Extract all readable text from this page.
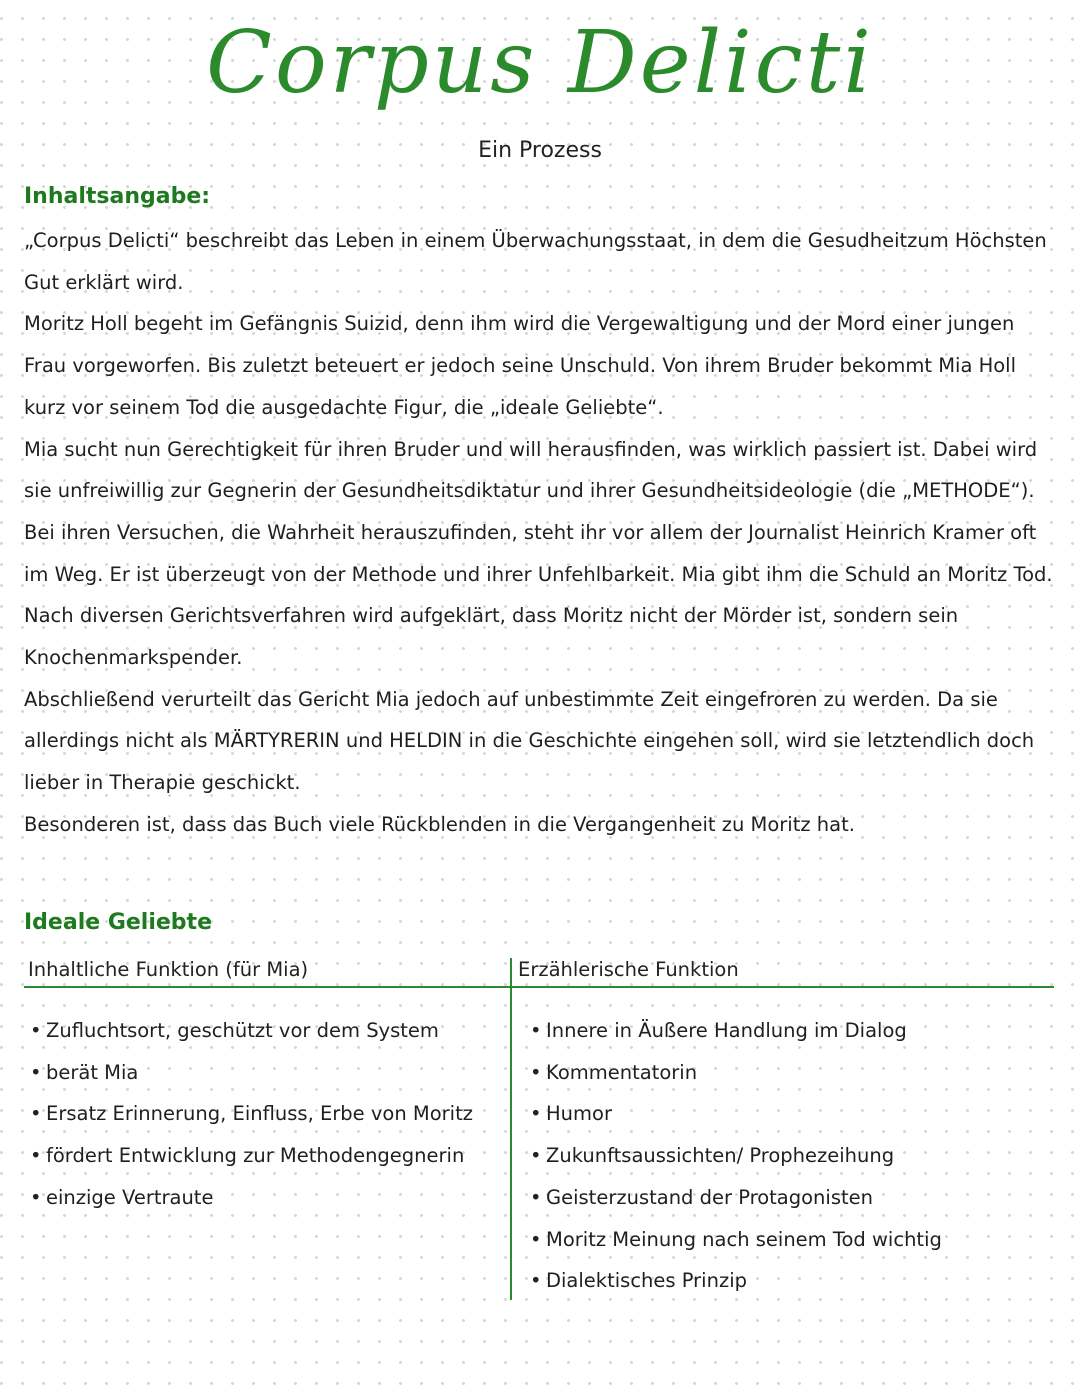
Corpus Delicti
Ein Prozess
Inhaltsangabe:

„Corpus Delicti“ beschreibt das Leben in einem Überwachungsstaat, in dem die Gesudheitzum Höchsten Gut erklärt wird.

Moritz Holl begeht im Gefängnis Suizid, denn ihm wird die Vergewaltigung und der Mord einer jungen Frau vorgeworfen. Bis zuletzt beteuert er jedoch seine Unschuld. Von ihrem Bruder bekommt Mia Holl kurz vor seinem Tod die ausgedachte Figur, die „ideale Geliebte“.

Mia sucht nun Gerechtigkeit für ihren Bruder und will herausfinden, was wirklich passiert ist. Dabei wird sie unfreiwillig zur Gegnerin der Gesundheitsdiktatur und ihrer Gesundheitsideologie (die „METHODE“). Bei ihren Versuchen, die Wahrheit herauszufinden, steht ihr vor allem der Journalist Heinrich Kramer oft im Weg. Er ist überzeugt von der Methode und ihrer Unfehlbarkeit. Mia gibt ihm die Schuld an Moritz Tod. Nach diversen Gerichtsverfahren wird aufgeklärt, dass Moritz nicht der Mörder ist, sondern sein Knochenmarkspender.

Abschließend verurteilt das Gericht Mia jedoch auf unbestimmte Zeit eingefroren zu werden. Da sie allerdings nicht als MÄRTYRERIN und HELDIN in die Geschichte eingehen soll, wird sie letztendlich doch lieber in Therapie geschickt.

Besonderen ist, dass das Buch viele Rückblenden in die Vergangenheit zu Moritz hat.

Ideale Geliebte
Inhaltliche Funktion (für Mia)	Erzählerische Funktion
• Zufluchtsort, geschützt vor dem System
• berät Mia
• Ersatz Erinnerung, Einfluss, Erbe von Moritz
• fördert Entwicklung zur Methodengegnerin
• einzige Vertraute
• Innere in Äußere Handlung im Dialog
• Kommentatorin
• Humor
• Zukunftsaussichten/ Prophezeihung
• Geisterzustand der Protagonisten
• Moritz Meinung nach seinem Tod wichtig
• Dialektisches Prinzip
